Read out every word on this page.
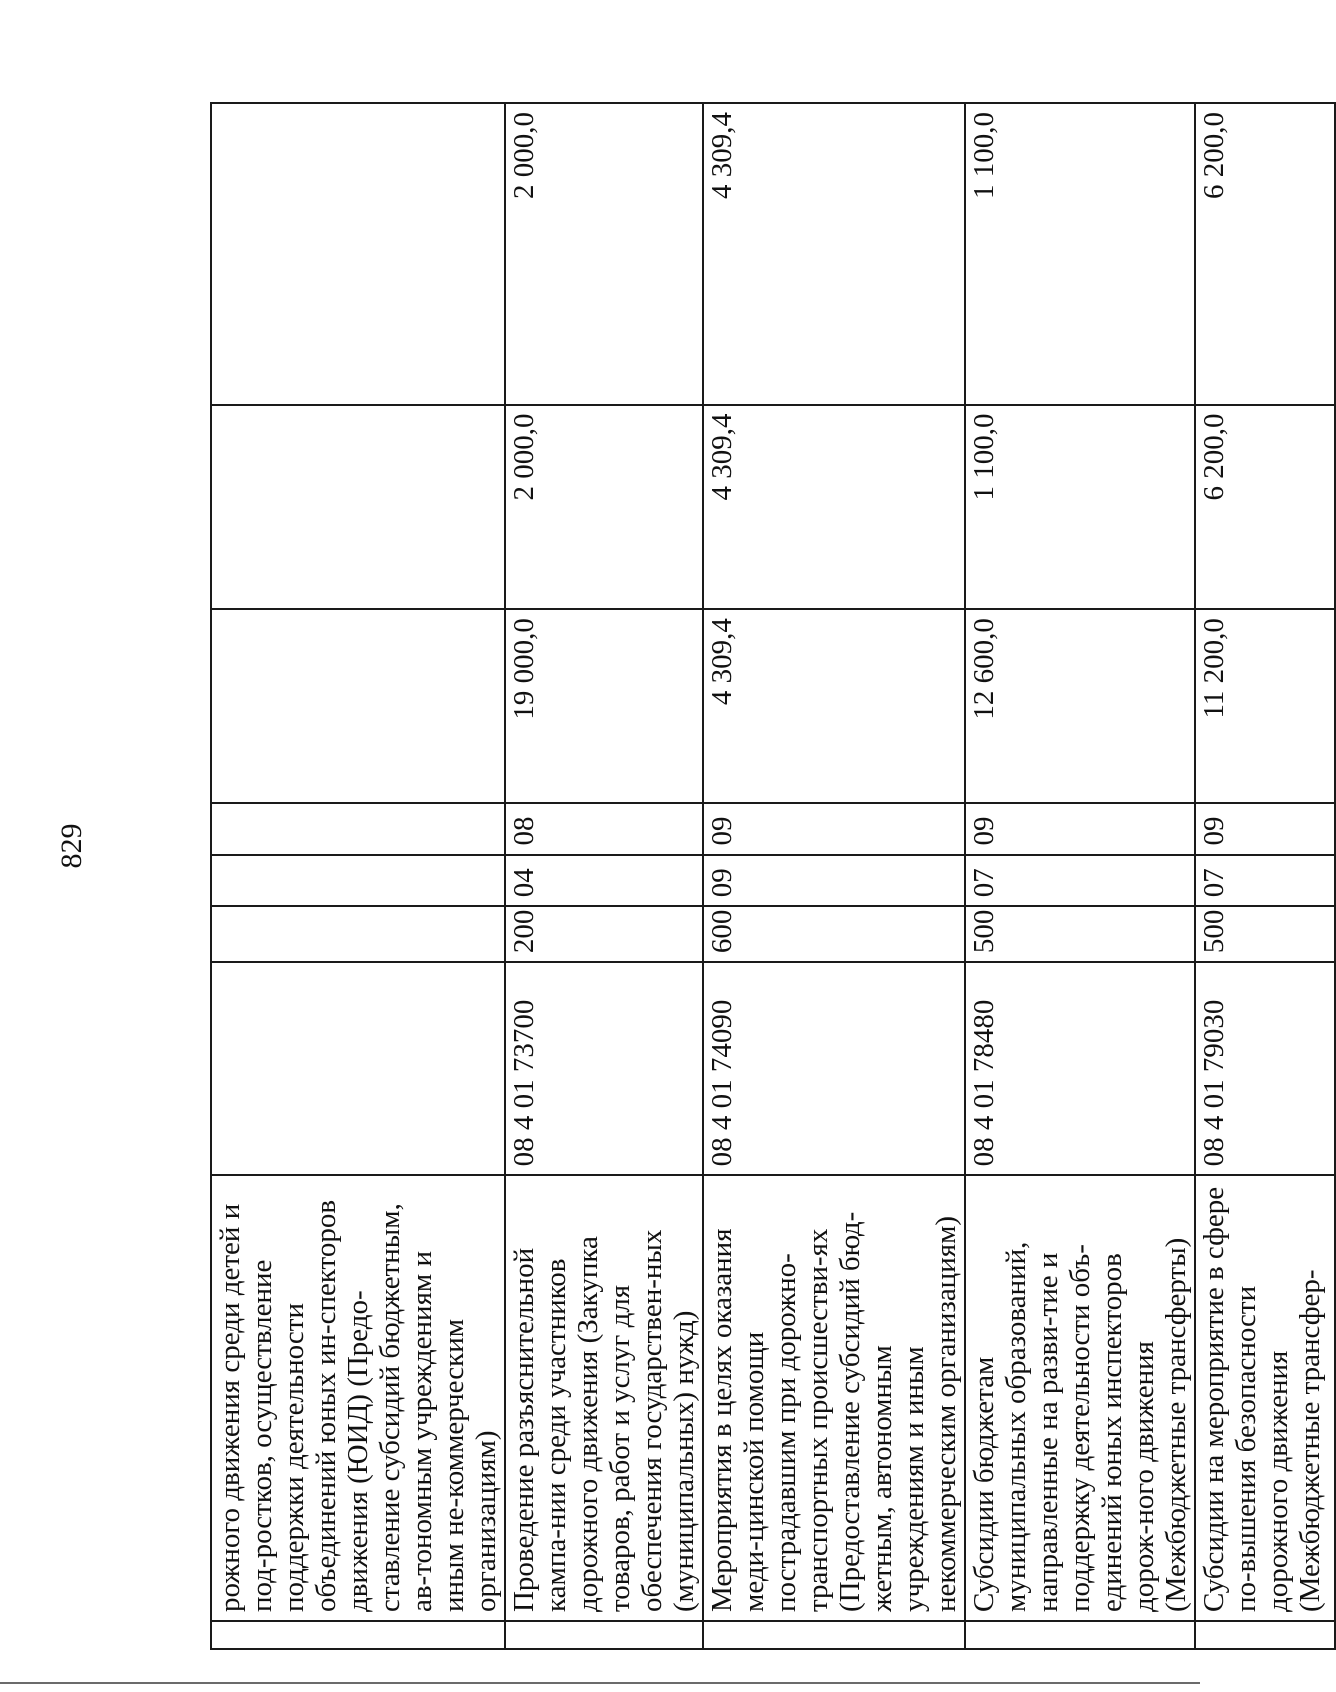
829
	рожного движения среди детей и под-ростков, осуществление поддержки деятельности объединений юных ин-спекторов движения (ЮИД) (Предо-ставление субсидий бюджетным, ав-тономным учреждениям и иным не-коммерческим организациям)							
	Проведение разъяснительной кампа-нии среди участников дорожного движения (Закупка товаров, работ и услуг для обеспечения государствен-ных (муниципальных) нужд)	08 4 01 73700	200	04	08	19 000,0	2 000,0	2 000,0
	Мероприятия в целях оказания меди-цинской помощи пострадавшим при дорожно-транспортных происшестви-ях (Предоставление субсидий бюд-жетным, автономным учреждениям и иным некоммерческим организациям)	08 4 01 74090	600	09	09	4 309,4	4 309,4	4 309,4
	Субсидии бюджетам муниципальных образований, направленные на разви-тие и поддержку деятельности объ-единений юных инспекторов дорож-ного движения (Межбюджетные трансферты)	08 4 01 78480	500	07	09	12 600,0	1 100,0	1 100,0
	Субсидии на мероприятие в сфере по-вышения безопасности дорожного движения (Межбюджетные трансфер-	08 4 01 79030	500	07	09	11 200,0	6 200,0	6 200,0
